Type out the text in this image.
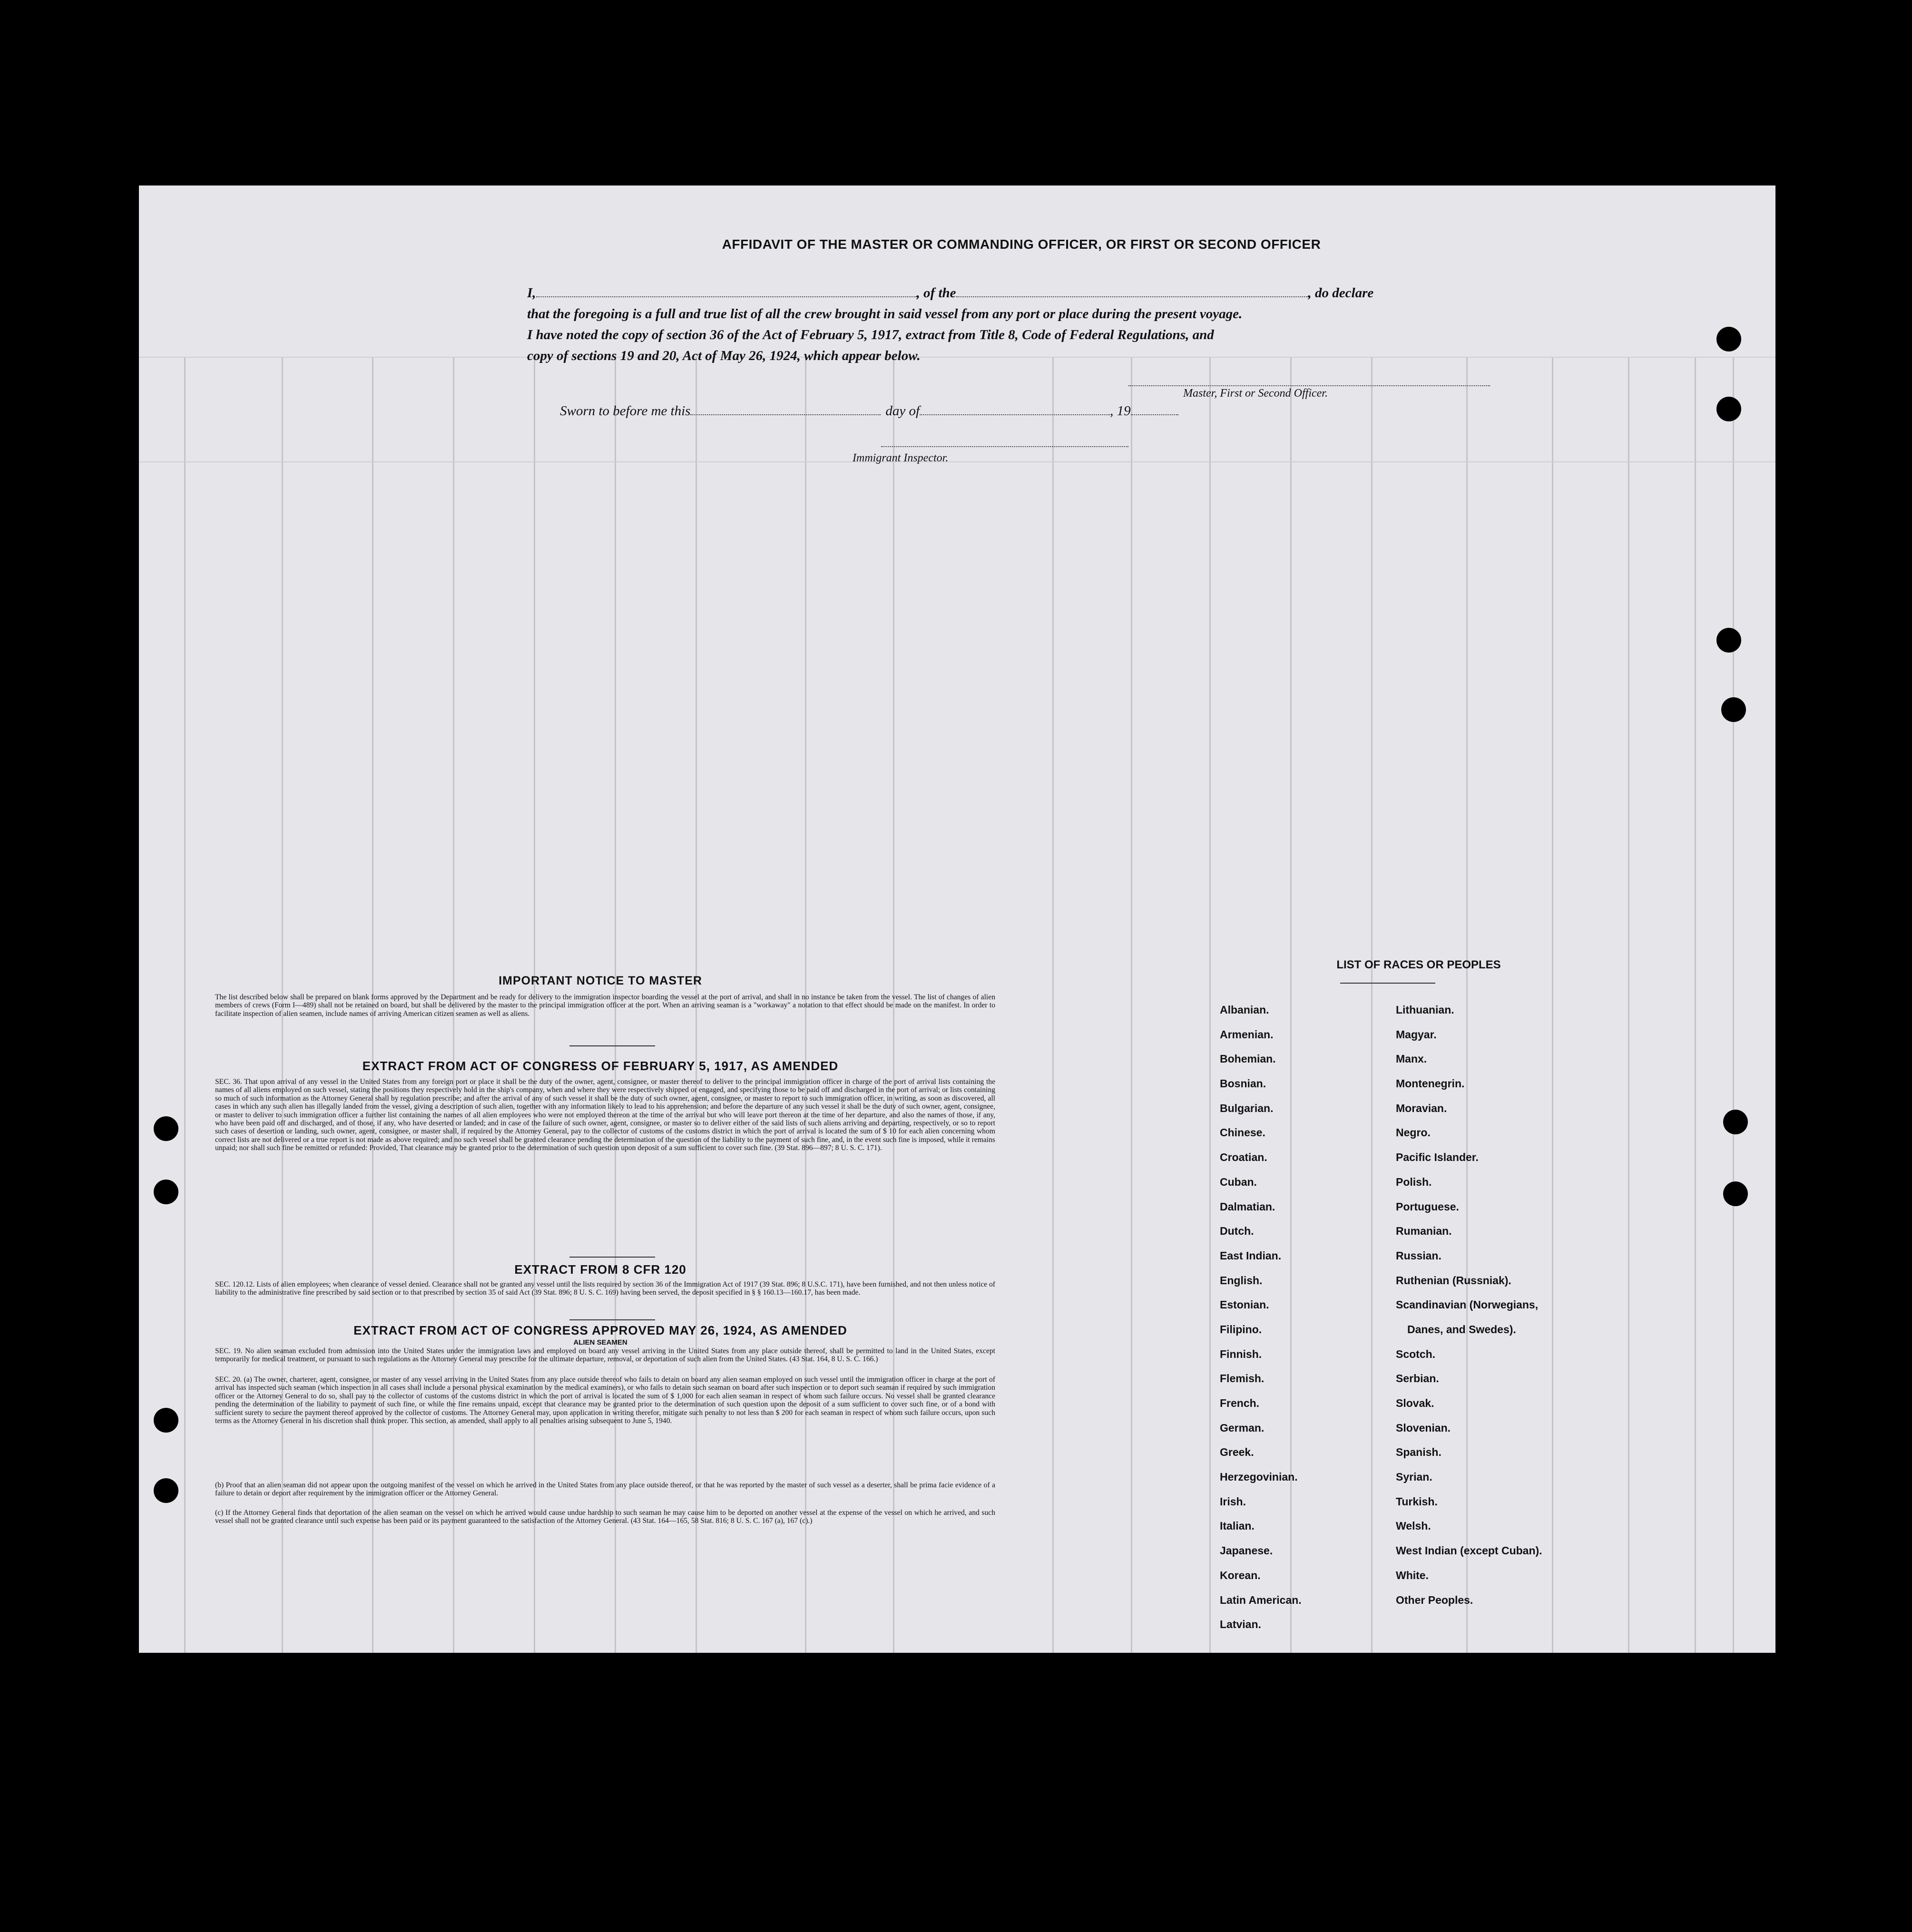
AFFIDAVIT OF THE MASTER OR COMMANDING OFFICER, OR FIRST OR SECOND OFFICER
I,	, of the	, do declare
that the foregoing is a full and true list of all the crew brought in said vessel from any port or place during the present voyage.
I have noted the copy of section 36 of the Act of February 5, 1917, extract from Title 8, Code of Federal Regulations, and
copy of sections 19 and 20, Act of May 26, 1924, which appear below.
Master, First or Second Officer.
Sworn to before me this	day of	, 19
Immigrant Inspector.
IMPORTANT NOTICE TO MASTER

The list described below shall be prepared on blank forms approved by the Department and be ready for delivery to the immigration inspector boarding the vessel at the port of arrival, and shall in no instance be taken from the vessel. The list of changes of alien members of crews (Form I—489) shall not be retained on board, but shall be delivered by the master to the principal immigration officer at the port. When an arriving seaman is a "workaway" a notation to that effect should be made on the manifest. In order to facilitate inspection of alien seamen, include names of arriving American citizen seamen as well as aliens.

EXTRACT FROM ACT OF CONGRESS OF FEBRUARY 5, 1917, AS AMENDED

SEC. 36. That upon arrival of any vessel in the United States from any foreign port or place it shall be the duty of the owner, agent, consignee, or master thereof to deliver to the principal immigration officer in charge of the port of arrival lists containing the names of all aliens employed on such vessel, stating the positions they respectively hold in the ship's company, when and where they were respectively shipped or engaged, and specifying those to be paid off and discharged in the port of arrival; or lists containing so much of such information as the Attorney General shall by regulation prescribe; and after the arrival of any of such vessel it shall be the duty of such owner, agent, consignee, or master to report to such immigration officer, in writing, as soon as discovered, all cases in which any such alien has illegally landed from the vessel, giving a description of such alien, together with any information likely to lead to his apprehension; and before the departure of any such vessel it shall be the duty of such owner, agent, consignee, or master to deliver to such immigration officer a further list containing the names of all alien employees who were not employed thereon at the time of the arrival but who will leave port thereon at the time of her departure, and also the names of those, if any, who have been paid off and discharged, and of those, if any, who have deserted or landed; and in case of the failure of such owner, agent, consignee, or master so to deliver either of the said lists of such aliens arriving and departing, respectively, or so to report such cases of desertion or landing, such owner, agent, consignee, or master shall, if required by the Attorney General, pay to the collector of customs of the customs district in which the port of arrival is located the sum of $ 10 for each alien concerning whom correct lists are not delivered or a true report is not made as above required; and no such vessel shall be granted clearance pending the determination of the question of the liability to the payment of such fine, and, in the event such fine is imposed, while it remains unpaid; nor shall such fine be remitted or refunded: Provided, That clearance may be granted prior to the determination of such question upon deposit of a sum sufficient to cover such fine. (39 Stat. 896—897; 8 U. S. C. 171).

EXTRACT FROM 8 CFR 120

SEC. 120.12. Lists of alien employees; when clearance of vessel denied. Clearance shall not be granted any vessel until the lists required by section 36 of the Immigration Act of 1917 (39 Stat. 896; 8 U.S.C. 171), have been furnished, and not then unless notice of liability to the administrative fine prescribed by said section or to that prescribed by section 35 of said Act (39 Stat. 896; 8 U. S. C. 169) having been served, the deposit specified in § § 160.13—160.17, has been made.

EXTRACT FROM ACT OF CONGRESS APPROVED MAY 26, 1924, AS AMENDED
ALIEN SEAMEN

SEC. 19. No alien seaman excluded from admission into the United States under the immigration laws and employed on board any vessel arriving in the United States from any place outside thereof, shall be permitted to land in the United States, except temporarily for medical treatment, or pursuant to such regulations as the Attorney General may prescribe for the ultimate departure, removal, or deportation of such alien from the United States. (43 Stat. 164, 8 U. S. C. 166.)

SEC. 20. (a) The owner, charterer, agent, consignee, or master of any vessel arriving in the United States from any place outside thereof who fails to detain on board any alien seaman employed on such vessel until the immigration officer in charge at the port of arrival has inspected such seaman (which inspection in all cases shall include a personal physical examination by the medical examiners), or who fails to detain such seaman on board after such inspection or to deport such seaman if required by such immigration officer or the Attorney General to do so, shall pay to the collector of customs of the customs district in which the port of arrival is located the sum of $ 1,000 for each alien seaman in respect of whom such failure occurs. No vessel shall be granted clearance pending the determination of the liability to payment of such fine, or while the fine remains unpaid, except that clearance may be granted prior to the determination of such question upon the deposit of a sum sufficient to cover such fine, or of a bond with sufficient surety to secure the payment thereof approved by the collector of customs. The Attorney General may, upon application in writing therefor, mitigate such penalty to not less than $ 200 for each seaman in respect of whom such failure occurs, upon such terms as the Attorney General in his discretion shall think proper. This section, as amended, shall apply to all penalties arising subsequent to June 5, 1940.

(b) Proof that an alien seaman did not appear upon the outgoing manifest of the vessel on which he arrived in the United States from any place outside thereof, or that he was reported by the master of such vessel as a deserter, shall be prima facie evidence of a failure to detain or deport after requirement by the immigration officer or the Attorney General.

(c) If the Attorney General finds that deportation of the alien seaman on the vessel on which he arrived would cause undue hardship to such seaman he may cause him to be deported on another vessel at the expense of the vessel on which he arrived, and such vessel shall not be granted clearance until such expense has been paid or its payment guaranteed to the satisfaction of the Attorney General. (43 Stat. 164—165, 58 Stat. 816; 8 U. S. C. 167 (a), 167 (c).)

LIST OF RACES OR PEOPLES
Albanian.
Armenian.
Bohemian.
Bosnian.
Bulgarian.
Chinese.
Croatian.
Cuban.
Dalmatian.
Dutch.
East Indian.
English.
Estonian.
Filipino.
Finnish.
Flemish.
French.
German.
Greek.
Herzegovinian.
Irish.
Italian.
Japanese.
Korean.
Latin American.
Latvian.
Lithuanian.
Magyar.
Manx.
Montenegrin.
Moravian.
Negro.
Pacific Islander.
Polish.
Portuguese.
Rumanian.
Russian.
Ruthenian (Russniak).
Scandinavian (Norwegians,
Danes, and Swedes).
Scotch.
Serbian.
Slovak.
Slovenian.
Spanish.
Syrian.
Turkish.
Welsh.
West Indian (except Cuban).
White.
Other Peoples.
